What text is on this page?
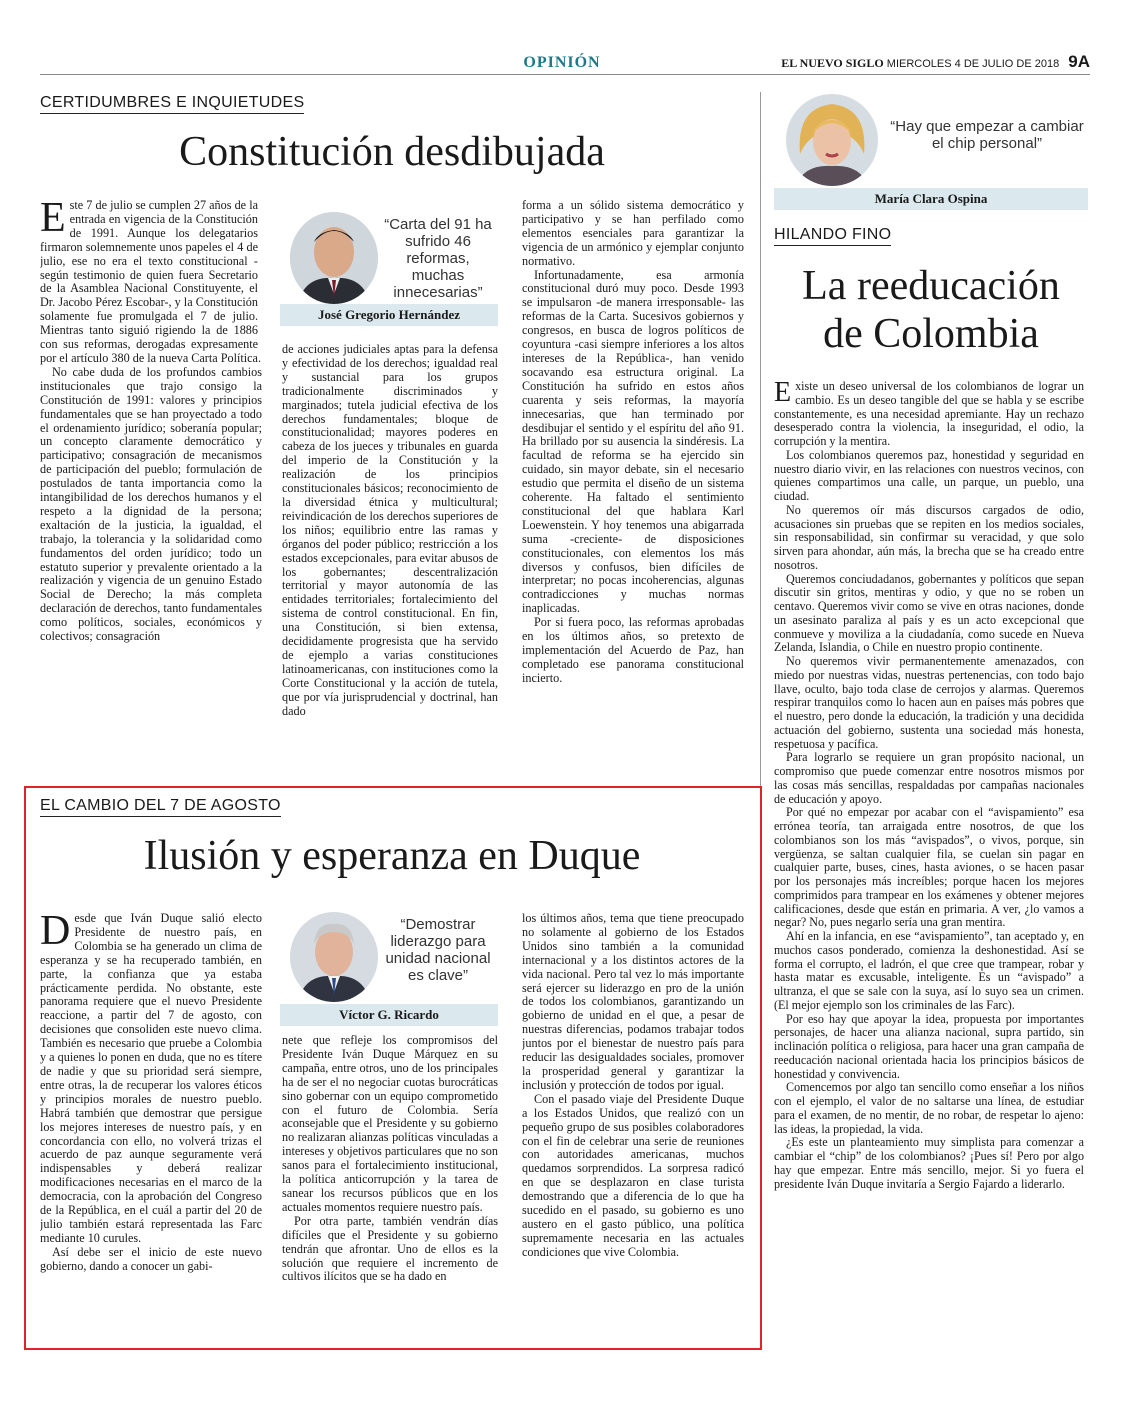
OPINIÓN	EL NUEVO SIGLO MIERCOLES 4 DE JULIO DE 2018 9A
CERTIDUMBRES E INQUIETUDES
Constitución desdibujada

Este 7 de julio se cumplen 27 años de la entrada en vigencia de la Constitución de 1991. Aunque los delegatarios firmaron solemnemente unos papeles el 4 de julio, ese no era el texto constitucional -según testimonio de quien fuera Secretario de la Asamblea Nacional Constituyente, el Dr. Jacobo Pérez Escobar-, y la Constitución solamente fue promulgada el 7 de julio. Mientras tanto siguió rigiendo la de 1886 con sus reformas, derogadas expresamente por el artículo 380 de la nueva Carta Política.

No cabe duda de los profundos cambios institucionales que trajo consigo la Constitución de 1991: valores y principios fundamentales que se han proyectado a todo el ordenamiento jurídico; soberanía popular; un concepto claramente democrático y participativo; consagración de mecanismos de participación del pueblo; formulación de postulados de tanta importancia como la intangibilidad de los derechos humanos y el respeto a la dignidad de la persona; exaltación de la justicia, la igualdad, el trabajo, la tolerancia y la solidaridad como fundamentos del orden jurídico; todo un estatuto superior y prevalente orientado a la realización y vigencia de un genuino Estado Social de Derecho; la más completa declaración de derechos, tanto fundamentales como políticos, sociales, económicos y colectivos; consagración

“Carta del 91 ha sufrido 46 reformas, muchas innecesarias”
José Gregorio Hernández

de acciones judiciales aptas para la defensa y efectividad de los derechos; igualdad real y sustancial para los grupos tradicionalmente discriminados y marginados; tutela judicial efectiva de los derechos fundamentales; bloque de constitucionalidad; mayores poderes en cabeza de los jueces y tribunales en guarda del imperio de la Constitución y la realización de los principios constitucionales básicos; reconocimiento de la diversidad étnica y multicultural; reivindicación de los derechos superiores de los niños; equilibrio entre las ramas y órganos del poder público; restricción a los estados excepcionales, para evitar abusos de los gobernantes; descentralización territorial y mayor autonomía de las entidades territoriales; fortalecimiento del sistema de control constitucional. En fin, una Constitución, si bien extensa, decididamente progresista que ha servido de ejemplo a varias constituciones latinoamericanas, con instituciones como la Corte Constitucional y la acción de tutela, que por vía jurisprudencial y doctrinal, han dado

forma a un sólido sistema democrático y participativo y se han perfilado como elementos esenciales para garantizar la vigencia de un armónico y ejemplar conjunto normativo.

Infortunadamente, esa armonía constitucional duró muy poco. Desde 1993 se impulsaron -de manera irresponsable- las reformas de la Carta. Sucesivos gobiernos y congresos, en busca de logros políticos de coyuntura -casi siempre inferiores a los altos intereses de la República-, han venido socavando esa estructura original. La Constitución ha sufrido en estos años cuarenta y seis reformas, la mayoría innecesarias, que han terminado por desdibujar el sentido y el espíritu del año 91. Ha brillado por su ausencia la sindéresis. La facultad de reforma se ha ejercido sin cuidado, sin mayor debate, sin el necesario estudio que permita el diseño de un sistema coherente. Ha faltado el sentimiento constitucional del que hablara Karl Loewenstein. Y hoy tenemos una abigarrada suma -creciente- de disposiciones constitucionales, con elementos los más diversos y confusos, bien difíciles de interpretar; no pocas incoherencias, algunas contradicciones y muchas normas inaplicadas.

Por si fuera poco, las reformas aprobadas en los últimos años, so pretexto de implementación del Acuerdo de Paz, han completado ese panorama constitucional incierto.

EL CAMBIO DEL 7 DE AGOSTO
Ilusión y esperanza en Duque

Desde que Iván Duque salió electo Presidente de nuestro país, en Colombia se ha generado un clima de esperanza y se ha recuperado también, en parte, la confianza que ya estaba prácticamente perdida. No obstante, este panorama requiere que el nuevo Presidente reaccione, a partir del 7 de agosto, con decisiones que consoliden este nuevo clima. También es necesario que pruebe a Colombia y a quienes lo ponen en duda, que no es títere de nadie y que su prioridad será siempre, entre otras, la de recuperar los valores éticos y principios morales de nuestro pueblo. Habrá también que demostrar que persigue los mejores intereses de nuestro país, y en concordancia con ello, no volverá trizas el acuerdo de paz aunque seguramente verá indispensables y deberá realizar modificaciones necesarias en el marco de la democracia, con la aprobación del Congreso de la República, en el cuál a partir del 20 de julio también estará representada las Farc mediante 10 curules.

Así debe ser el inicio de este nuevo gobierno, dando a conocer un gabi-

“Demostrar liderazgo para unidad nacional es clave”
Víctor G. Ricardo

nete que refleje los compromisos del Presidente Iván Duque Márquez en su campaña, entre otros, uno de los principales ha de ser el no negociar cuotas burocráticas sino gobernar con un equipo comprometido con el futuro de Colombia. Sería aconsejable que el Presidente y su gobierno no realizaran alianzas políticas vinculadas a intereses y objetivos particulares que no son sanos para el fortalecimiento institucional, la política anticorrupción y la tarea de sanear los recursos públicos que en los actuales momentos requiere nuestro país.

Por otra parte, también vendrán días difíciles que el Presidente y su gobierno tendrán que afrontar. Uno de ellos es la solución que requiere el incremento de cultivos ilícitos que se ha dado en

los últimos años, tema que tiene preocupado no solamente al gobierno de los Estados Unidos sino también a la comunidad internacional y a los distintos actores de la vida nacional. Pero tal vez lo más importante será ejercer su liderazgo en pro de la unión de todos los colombianos, garantizando un gobierno de unidad en el que, a pesar de nuestras diferencias, podamos trabajar todos juntos por el bienestar de nuestro país para reducir las desigualdades sociales, promover la prosperidad general y garantizar la inclusión y protección de todos por igual.

Con el pasado viaje del Presidente Duque a los Estados Unidos, que realizó con un pequeño grupo de sus posibles colaboradores con el fin de celebrar una serie de reuniones con autoridades americanas, muchos quedamos sorprendidos. La sorpresa radicó en que se desplazaron en clase turista demostrando que a diferencia de lo que ha sucedido en el pasado, su gobierno es uno austero en el gasto público, una política supremamente necesaria en las actuales condiciones que vive Colombia.

“Hay que empezar a cambiar el chip personal”
María Clara Ospina
HILANDO FINO
La reeducación
de Colombia

Existe un deseo universal de los colombianos de lograr un cambio. Es un deseo tangible del que se habla y se escribe constantemente, es una necesidad apremiante. Hay un rechazo desesperado contra la violencia, la inseguridad, el odio, la corrupción y la mentira.

Los colombianos queremos paz, honestidad y seguridad en nuestro diario vivir, en las relaciones con nuestros vecinos, con quienes compartimos una calle, un parque, un pueblo, una ciudad.

No queremos oír más discursos cargados de odio, acusaciones sin pruebas que se repiten en los medios sociales, sin responsabilidad, sin confirmar su veracidad, y que solo sirven para ahondar, aún más, la brecha que se ha creado entre nosotros.

Queremos conciudadanos, gobernantes y políticos que sepan discutir sin gritos, mentiras y odio, y que no se roben un centavo. Queremos vivir como se vive en otras naciones, donde un asesinato paraliza al país y es un acto excepcional que conmueve y moviliza a la ciudadanía, como sucede en Nueva Zelanda, Islandia, o Chile en nuestro propio continente.

No queremos vivir permanentemente amenazados, con miedo por nuestras vidas, nuestras pertenencias, con todo bajo llave, oculto, bajo toda clase de cerrojos y alarmas. Queremos respirar tranquilos como lo hacen aun en países más pobres que el nuestro, pero donde la educación, la tradición y una decidida actuación del gobierno, sustenta una sociedad más honesta, respetuosa y pacífica.

Para lograrlo se requiere un gran propósito nacional, un compromiso que puede comenzar entre nosotros mismos por las cosas más sencillas, respaldadas por campañas nacionales de educación y apoyo.

Por qué no empezar por acabar con el “avispamiento” esa errónea teoría, tan arraigada entre nosotros, de que los colombianos son los más “avispados”, o vivos, porque, sin vergüenza, se saltan cualquier fila, se cuelan sin pagar en cualquier parte, buses, cines, hasta aviones, o se hacen pasar por los personajes más increíbles; porque hacen los mejores comprimidos para trampear en los exámenes y obtener mejores calificaciones, desde que están en primaria. A ver, ¿lo vamos a negar? No, pues negarlo sería una gran mentira.

Ahí en la infancia, en ese “avispamiento”, tan aceptado y, en muchos casos ponderado, comienza la deshonestidad. Así se forma el corrupto, el ladrón, el que cree que trampear, robar y hasta matar es excusable, inteligente. Es un “avispado” a ultranza, el que se sale con la suya, así lo suyo sea un crimen. (El mejor ejemplo son los criminales de las Farc).

Por eso hay que apoyar la idea, propuesta por importantes personajes, de hacer una alianza nacional, supra partido, sin inclinación política o religiosa, para hacer una gran campaña de reeducación nacional orientada hacia los principios básicos de honestidad y convivencia.

Comencemos por algo tan sencillo como enseñar a los niños con el ejemplo, el valor de no saltarse una línea, de estudiar para el examen, de no mentir, de no robar, de respetar lo ajeno: las ideas, la propiedad, la vida.

¿Es este un planteamiento muy simplista para comenzar a cambiar el “chip” de los colombianos? ¡Pues sí! Pero por algo hay que empezar. Entre más sencillo, mejor. Si yo fuera el presidente Iván Duque invitaría a Sergio Fajardo a liderarlo.
